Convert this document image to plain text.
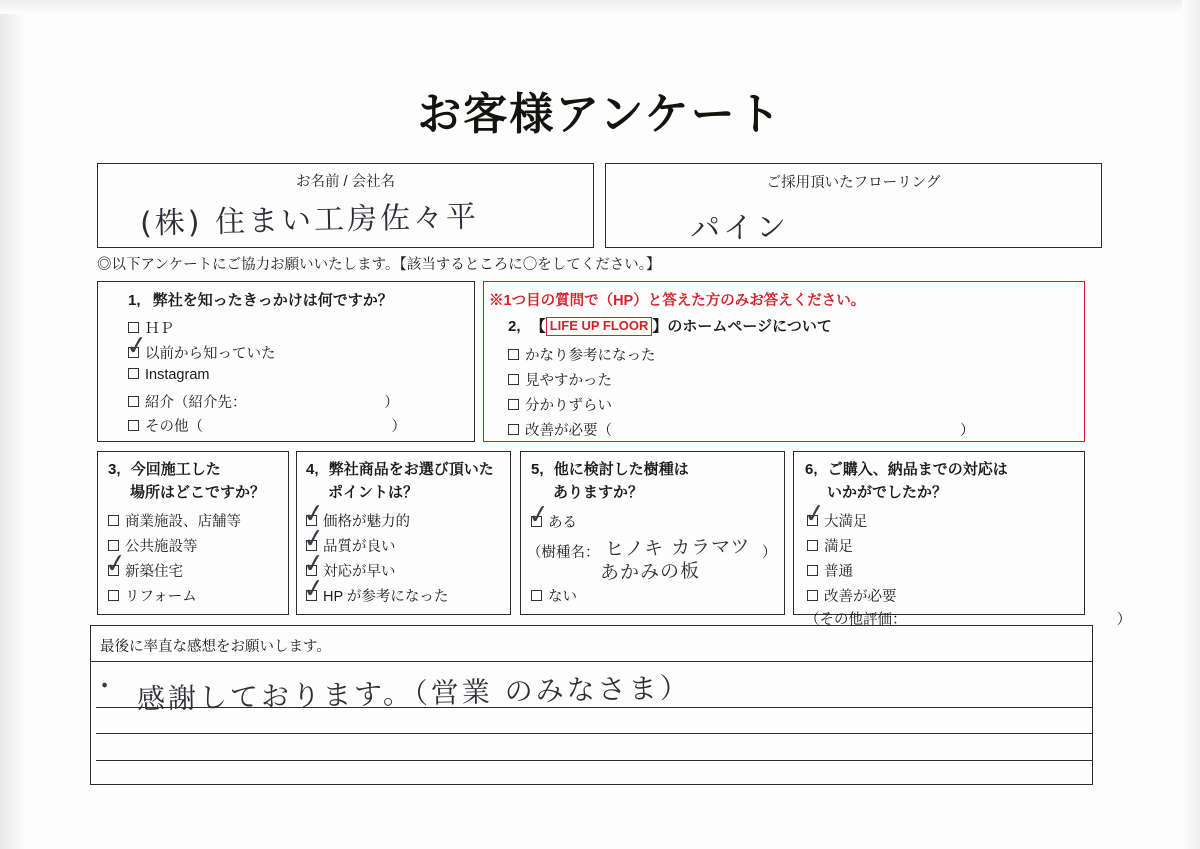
お客様アンケート
お名前 / 会社名
(株) 住まい工房佐々平
ご採用頂いたフローリング
パイン
◎以下アンケートにご協力お願いいたします。【該当するところに〇をしてください。】
1, 弊社を知ったきっかけは何ですか？
ＨＰ
以前から知っていた
✓
Instagram
紹介（紹介先：　　　　　　　　　　）
その他（　　　　　　　　　　　　　）
※1つ目の質問で（HP）と答えた方のみお答えください。
2, 【 LIFE UP FLOOR 】のホームページについて
かなり参考になった
見やすかった
分かりずらい
改善が必要（　　　　　　　　　　　　　　　　　　　　　　　　）
3, 今回施工した
場所はどこですか？
商業施設、店舗等
公共施設等
新築住宅
✓
リフォーム
4, 弊社商品をお選び頂いた
ポイントは？
価格が魅力的
✓
品質が良い
✓
対応が早い
✓
HP が参考になった
✓
5, 他に検討した樹種は
ありますか？
ある
✓
（樹種名：	）
ヒノキ カラマツ
あかみの板
ない
6, ご購入、納品までの対応は
いかがでしたか？
大満足
✓
満足
普通
改善が必要
（その他評価：　　　　　　　　　　　　　　　）
最後に率直な感想をお願いします。
感謝しております。（営業 のみなさま）
•
